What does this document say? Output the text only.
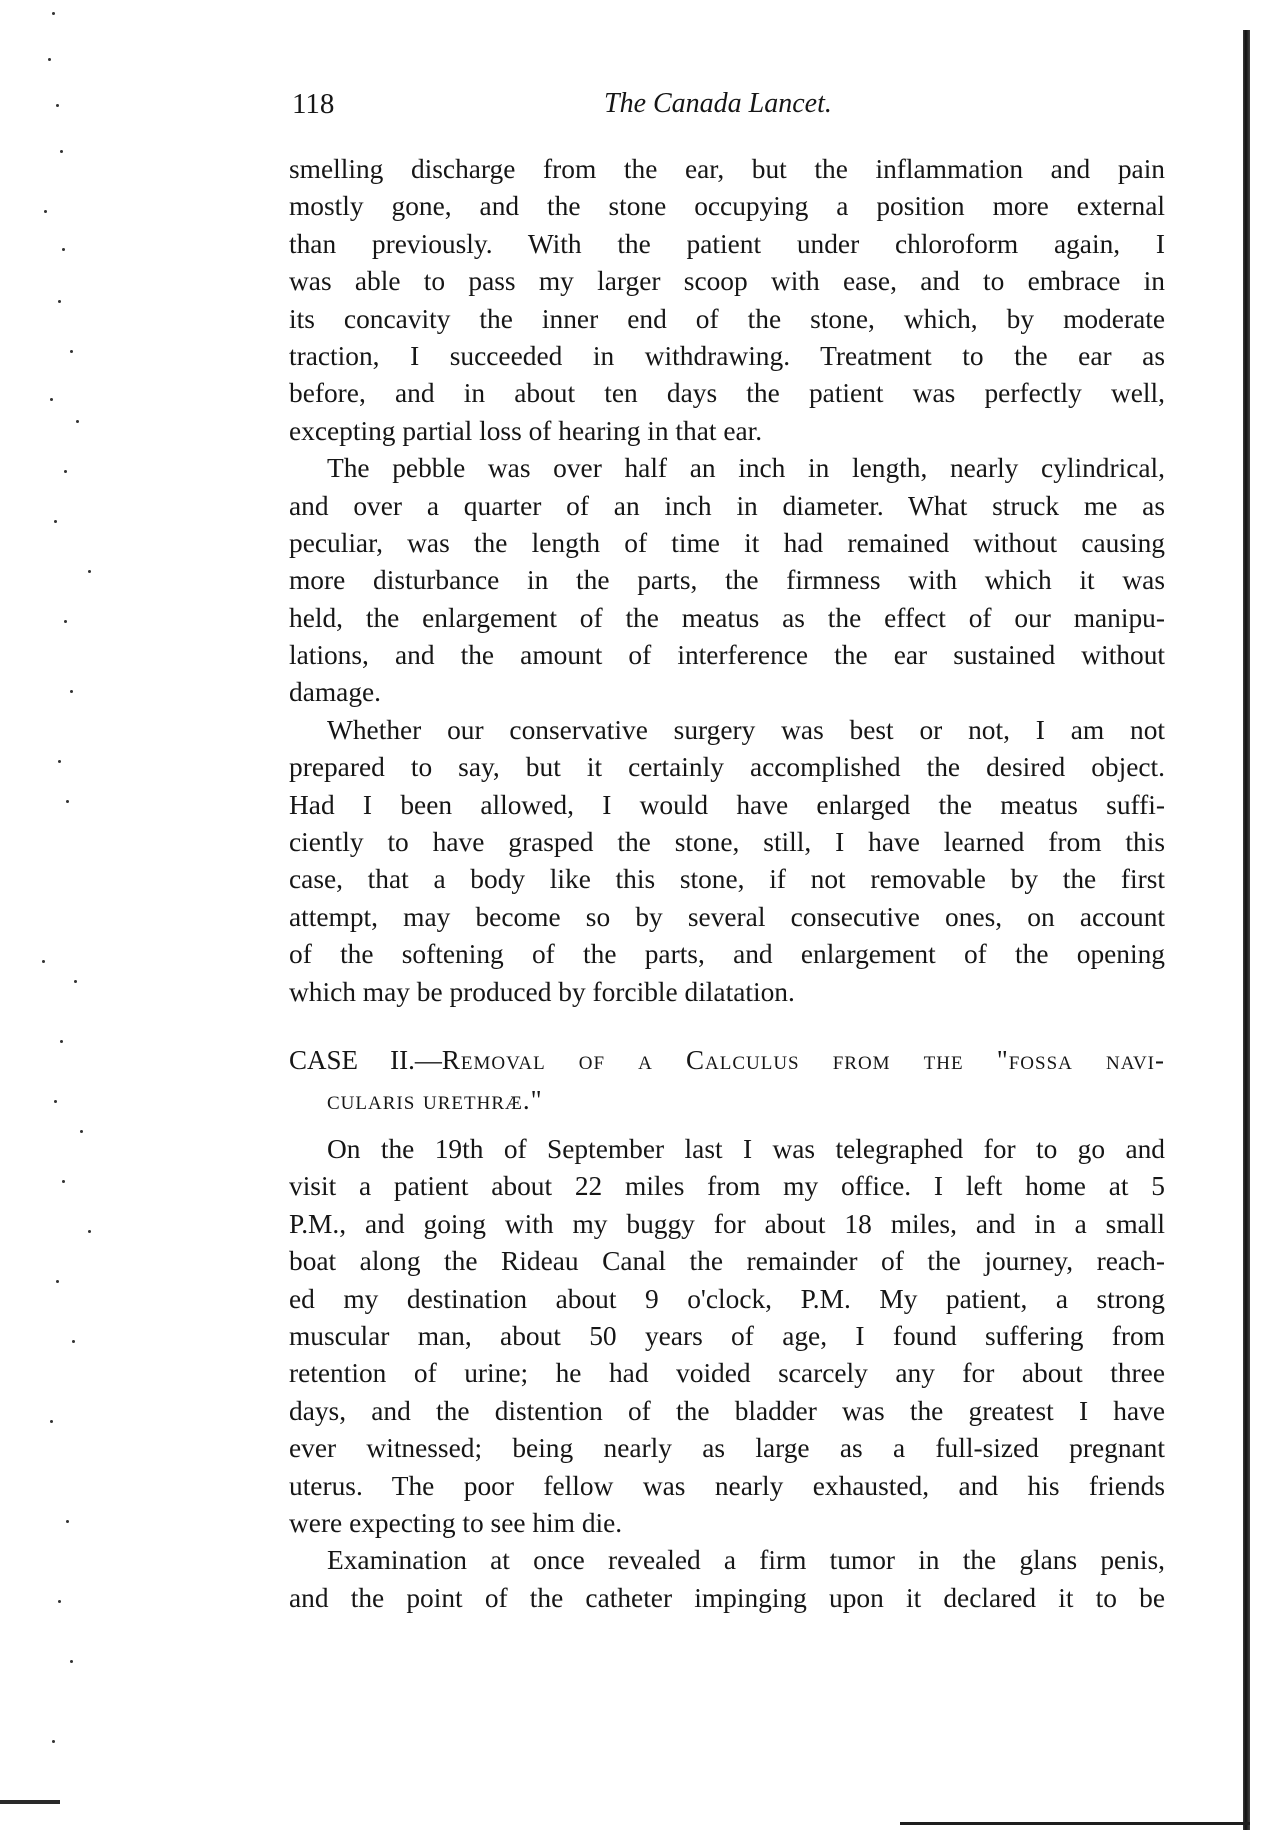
118	The Canada Lancet.
smelling discharge from the ear, but the inflammation and pain
mostly gone, and the stone occupying a position more external
than previously. With the patient under chloroform again, I
was able to pass my larger scoop with ease, and to embrace in
its concavity the inner end of the stone, which, by moderate
traction, I succeeded in withdrawing. Treatment to the ear as
before, and in about ten days the patient was perfectly well,
excepting partial loss of hearing in that ear.
The pebble was over half an inch in length, nearly cylindrical,
and over a quarter of an inch in diameter. What struck me as
peculiar, was the length of time it had remained without causing
more disturbance in the parts, the firmness with which it was
held, the enlargement of the meatus as the effect of our manipu-
lations, and the amount of interference the ear sustained without
damage.
Whether our conservative surgery was best or not, I am not
prepared to say, but it certainly accomplished the desired object.
Had I been allowed, I would have enlarged the meatus suffi-
ciently to have grasped the stone, still, I have learned from this
case, that a body like this stone, if not removable by the first
attempt, may become so by several consecutive ones, on account
of the softening of the parts, and enlargement of the opening
which may be produced by forcible dilatation.
CASE II.—Removal of a Calculus from the "fossa navi-
cularis urethræ."
On the 19th of September last I was telegraphed for to go and
visit a patient about 22 miles from my office. I left home at 5
P.M., and going with my buggy for about 18 miles, and in a small
boat along the Rideau Canal the remainder of the journey, reach-
ed my destination about 9 o'clock, P.M. My patient, a strong
muscular man, about 50 years of age, I found suffering from
retention of urine; he had voided scarcely any for about three
days, and the distention of the bladder was the greatest I have
ever witnessed; being nearly as large as a full-sized pregnant
uterus. The poor fellow was nearly exhausted, and his friends
were expecting to see him die.
Examination at once revealed a firm tumor in the glans penis,
and the point of the catheter impinging upon it declared it to be
